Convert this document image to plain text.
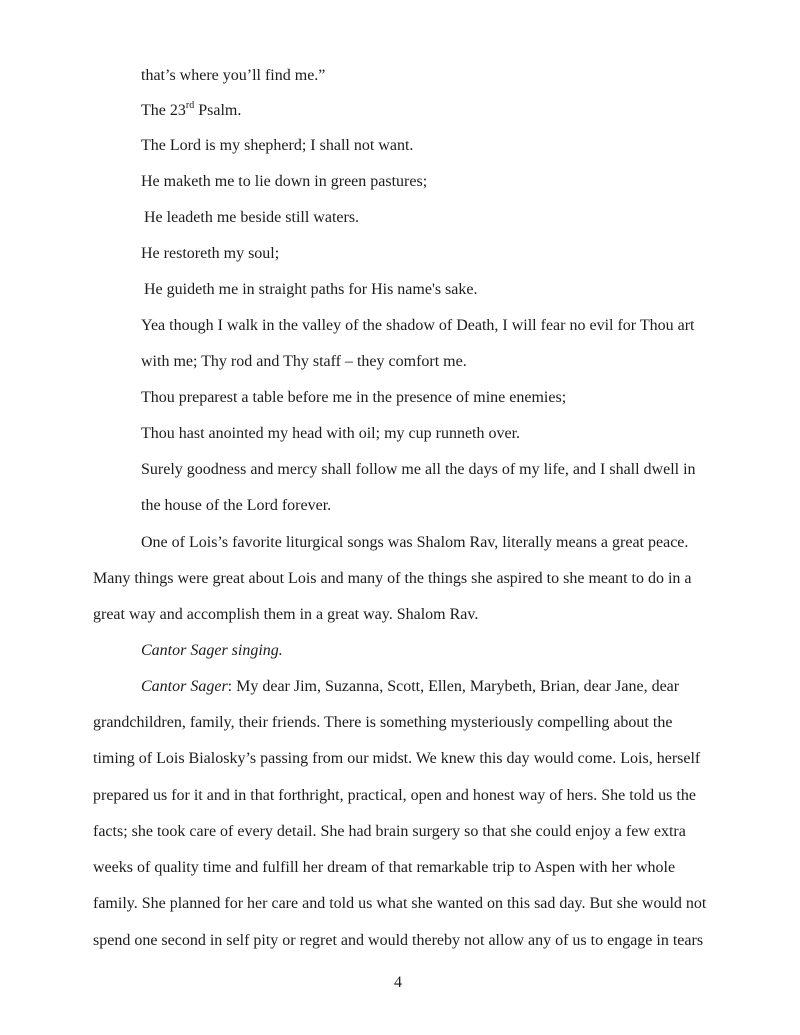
that’s where you’ll find me.”
The 23rd Psalm.
The Lord is my shepherd; I shall not want.
He maketh me to lie down in green pastures;
He leadeth me beside still waters.
He restoreth my soul;
He guideth me in straight paths for His name's sake.
Yea though I walk in the valley of the shadow of Death, I will fear no evil for Thou art
with me; Thy rod and Thy staff – they comfort me.
Thou preparest a table before me in the presence of mine enemies;
Thou hast anointed my head with oil; my cup runneth over.
Surely goodness and mercy shall follow me all the days of my life, and I shall dwell in
the house of the Lord forever.
One of Lois’s favorite liturgical songs was Shalom Rav, literally means a great peace.
Many things were great about Lois and many of the things she aspired to she meant to do in a
great way and accomplish them in a great way. Shalom Rav.
Cantor Sager singing.
Cantor Sager: My dear Jim, Suzanna, Scott, Ellen, Marybeth, Brian, dear Jane, dear
grandchildren, family, their friends. There is something mysteriously compelling about the
timing of Lois Bialosky’s passing from our midst. We knew this day would come. Lois, herself
prepared us for it and in that forthright, practical, open and honest way of hers. She told us the
facts; she took care of every detail. She had brain surgery so that she could enjoy a few extra
weeks of quality time and fulfill her dream of that remarkable trip to Aspen with her whole
family. She planned for her care and told us what she wanted on this sad day. But she would not
spend one second in self pity or regret and would thereby not allow any of us to engage in tears
4
